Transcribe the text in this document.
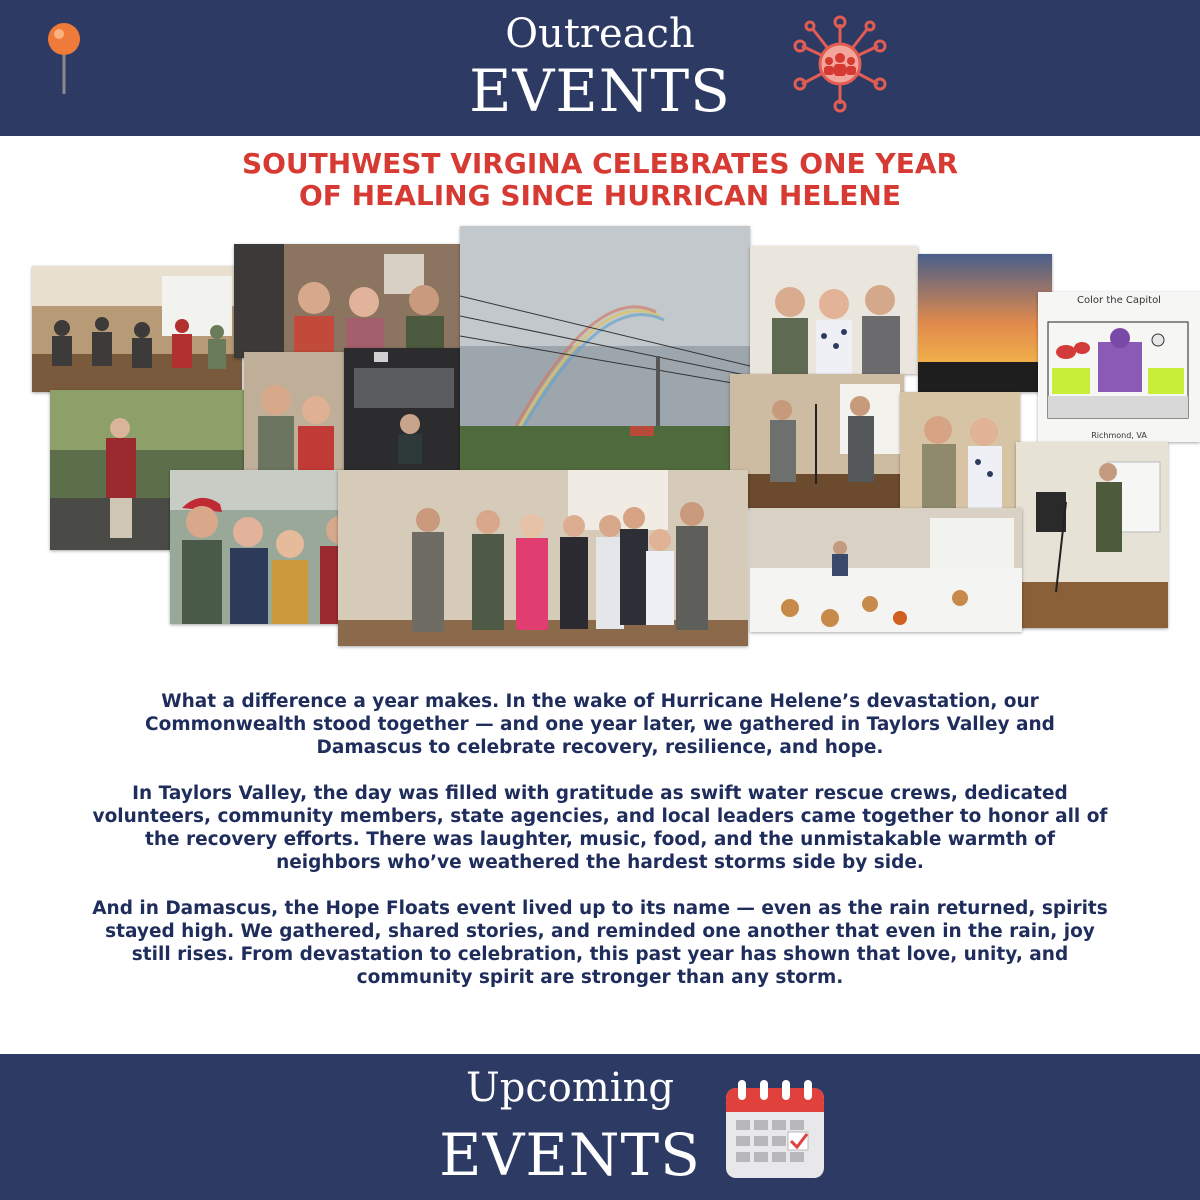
Outreach
EVENTS
SOUTHWEST VIRGINA CELEBRATES ONE YEAR
OF HEALING SINCE HURRICAN HELENE
Color the Capitol
Richmond, VA

What a difference a year makes. In the wake of Hurricane Helene’s devastation, our Commonwealth stood together — and one year later, we gathered in Taylors Valley and Damascus to celebrate recovery, resilience, and hope.

In Taylors Valley, the day was filled with gratitude as swift water rescue crews, dedicated volunteers, community members, state agencies, and local leaders came together to honor all of the recovery efforts. There was laughter, music, food, and the unmistakable warmth of neighbors who’ve weathered the hardest storms side by side.

And in Damascus, the Hope Floats event lived up to its name — even as the rain returned, spirits stayed high. We gathered, shared stories, and reminded one another that even in the rain, joy still rises. From devastation to celebration, this past year has shown that love, unity, and community spirit are stronger than any storm.

Upcoming
EVENTS
